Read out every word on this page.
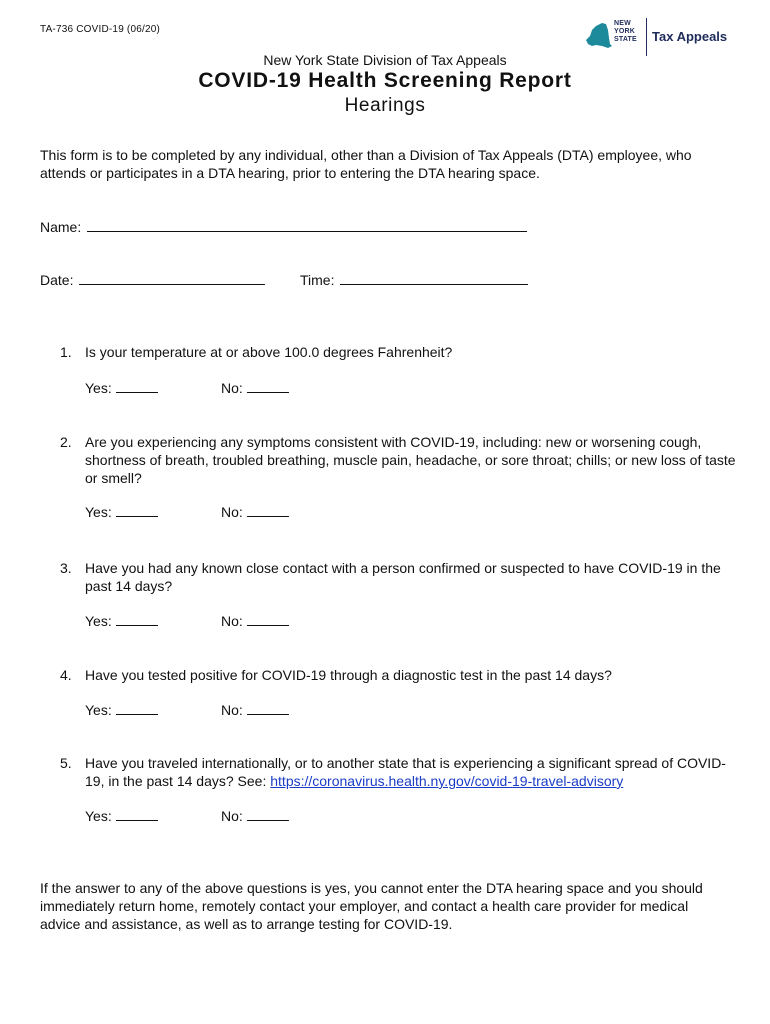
TA-736 COVID-19 (06/20)
NEW
YORK
STATE Tax Appeals
New York State Division of Tax Appeals
COVID-19 Health Screening Report
Hearings
This form is to be completed by any individual, other than a Division of Tax Appeals (DTA) employee, who attends or participates in a DTA hearing, prior to entering the DTA hearing space.
Name:
Date:	Time:
1. Is your temperature at or above 100.0 degrees Fahrenheit?
Yes:	No:
2. Are you experiencing any symptoms consistent with COVID-19, including: new or worsening cough, shortness of breath, troubled breathing, muscle pain, headache, or sore throat; chills; or new loss of taste or smell?
Yes:	No:
3. Have you had any known close contact with a person confirmed or suspected to have COVID-19 in the past 14 days?
Yes:	No:
4. Have you tested positive for COVID-19 through a diagnostic test in the past 14 days?
Yes:	No:
5. Have you traveled internationally, or to another state that is experiencing a significant spread of COVID-19, in the past 14 days? See: https://coronavirus.health.ny.gov/covid-19-travel-advisory
Yes:	No:
If the answer to any of the above questions is yes, you cannot enter the DTA hearing space and you should immediately return home, remotely contact your employer, and contact a health care provider for medical advice and assistance, as well as to arrange testing for COVID-19.
